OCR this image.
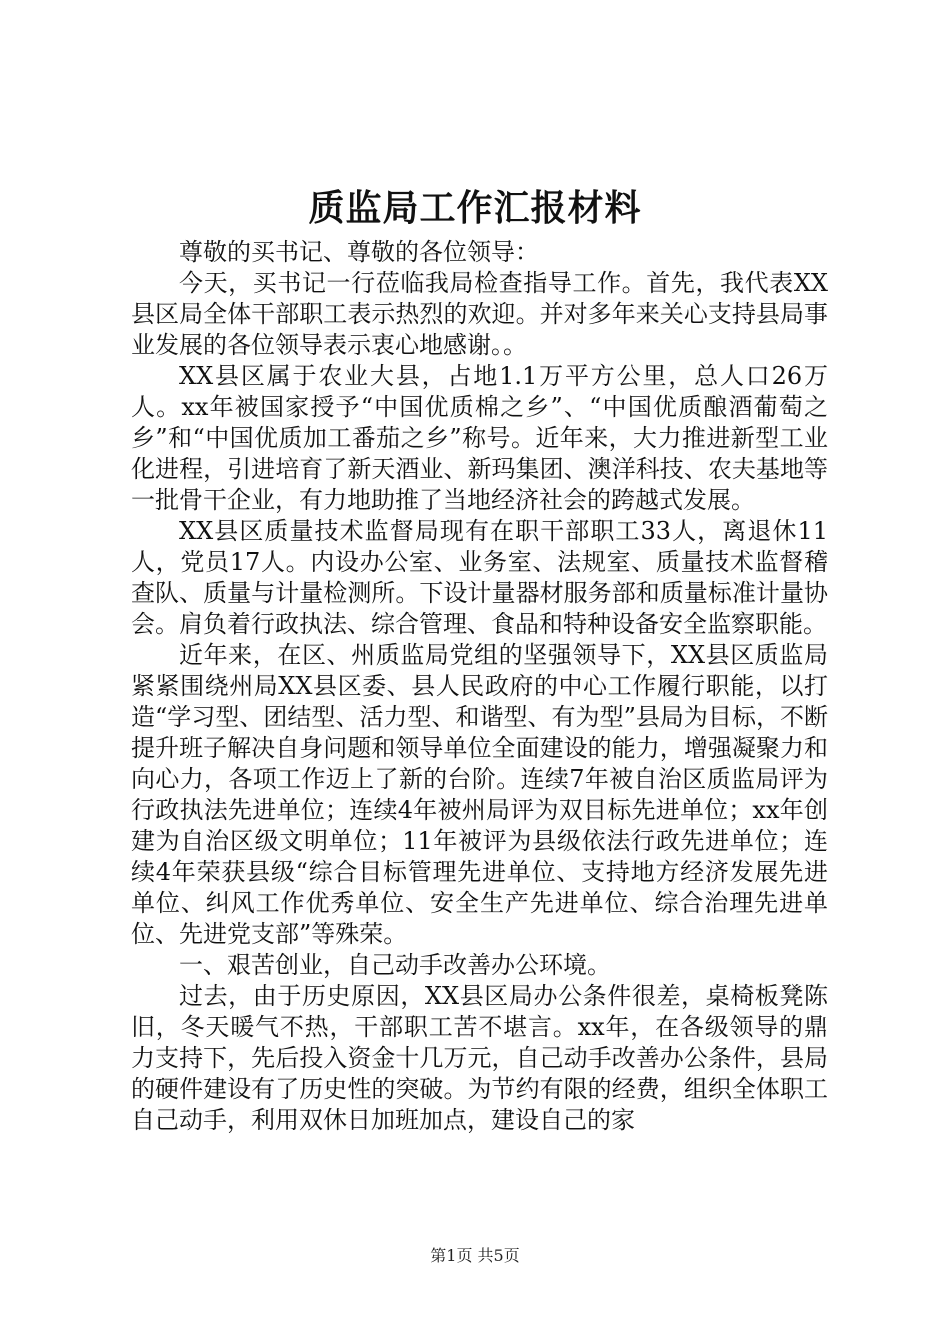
质监局工作汇报材料

尊敬的买书记、尊敬的各位领导：

今天，买书记一行莅临我局检查指导工作。首先，我代表XX县区局全体干部职工表示热烈的欢迎。并对多年来关心支持县局事业发展的各位领导表示衷心地感谢。。

XX县区属于农业大县，占地1.1万平方公里，总人口26万人。xx年被国家授予“中国优质棉之乡”、“中国优质酿酒葡萄之乡”和“中国优质加工番茄之乡”称号。近年来，大力推进新型工业化进程，引进培育了新天酒业、新玛集团、澳洋科技、农夫基地等一批骨干企业，有力地助推了当地经济社会的跨越式发展。

XX县区质量技术监督局现有在职干部职工33人，离退休11人，党员17人。内设办公室、业务室、法规室、质量技术监督稽查队、质量与计量检测所。下设计量器材服务部和质量标准计量协会。肩负着行政执法、综合管理、食品和特种设备安全监察职能。

近年来，在区、州质监局党组的坚强领导下，XX县区质监局紧紧围绕州局XX县区委、县人民政府的中心工作履行职能，以打造“学习型、团结型、活力型、和谐型、有为型”县局为目标，不断提升班子解决自身问题和领导单位全面建设的能力，增强凝聚力和向心力，各项工作迈上了新的台阶。连续7年被自治区质监局评为行政执法先进单位；连续4年被州局评为双目标先进单位；xx年创建为自治区级文明单位；11年被评为县级依法行政先进单位；连续4年荣获县级“综合目标管理先进单位、支持地方经济发展先进单位、纠风工作优秀单位、安全生产先进单位、综合治理先进单位、先进党支部”等殊荣。

一、艰苦创业，自己动手改善办公环境。

过去，由于历史原因，XX县区局办公条件很差，桌椅板凳陈旧，冬天暖气不热，干部职工苦不堪言。xx年，在各级领导的鼎力支持下，先后投入资金十几万元，自己动手改善办公条件，县局的硬件建设有了历史性的突破。为节约有限的经费，组织全体职工自己动手，利用双休日加班加点，建设自己的家

第1页 共5页
